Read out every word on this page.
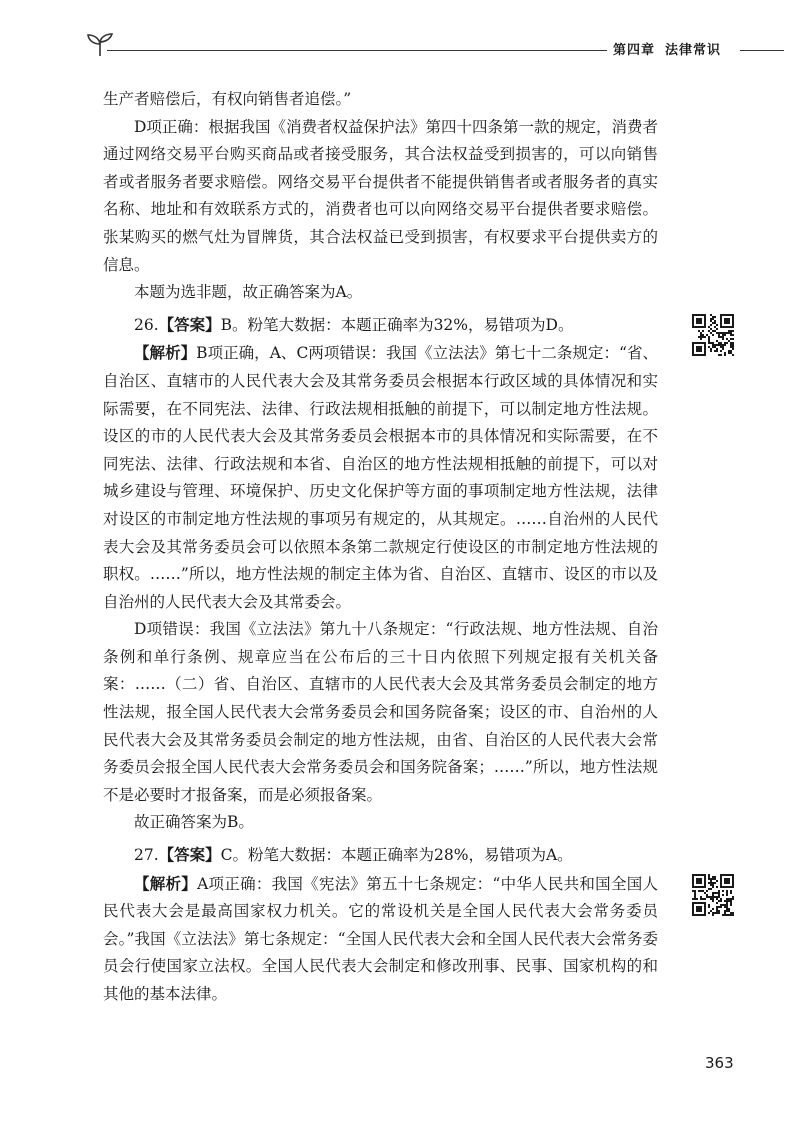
第四章 法律常识

生产者赔偿后，有权向销售者追偿。”

D项正确：根据我国《消费者权益保护法》第四十四条第一款的规定，消费者通过网络交易平台购买商品或者接受服务，其合法权益受到损害的，可以向销售者或者服务者要求赔偿。网络交易平台提供者不能提供销售者或者服务者的真实名称、地址和有效联系方式的，消费者也可以向网络交易平台提供者要求赔偿。张某购买的燃气灶为冒牌货，其合法权益已受到损害，有权要求平台提供卖方的信息。

本题为选非题，故正确答案为A。

26.【答案】B。粉笔大数据：本题正确率为32%，易错项为D。

【解析】B项正确，A、C两项错误：我国《立法法》第七十二条规定：“省、自治区、直辖市的人民代表大会及其常务委员会根据本行政区域的具体情况和实际需要，在不同宪法、法律、行政法规相抵触的前提下，可以制定地方性法规。设区的市的人民代表大会及其常务委员会根据本市的具体情况和实际需要，在不同宪法、法律、行政法规和本省、自治区的地方性法规相抵触的前提下，可以对城乡建设与管理、环境保护、历史文化保护等方面的事项制定地方性法规，法律对设区的市制定地方性法规的事项另有规定的，从其规定。……自治州的人民代表大会及其常务委员会可以依照本条第二款规定行使设区的市制定地方性法规的职权。……”所以，地方性法规的制定主体为省、自治区、直辖市、设区的市以及自治州的人民代表大会及其常委会。

D项错误：我国《立法法》第九十八条规定：“行政法规、地方性法规、自治条例和单行条例、规章应当在公布后的三十日内依照下列规定报有关机关备案：……（二）省、自治区、直辖市的人民代表大会及其常务委员会制定的地方性法规，报全国人民代表大会常务委员会和国务院备案；设区的市、自治州的人民代表大会及其常务委员会制定的地方性法规，由省、自治区的人民代表大会常务委员会报全国人民代表大会常务委员会和国务院备案；……”所以，地方性法规不是必要时才报备案，而是必须报备案。

故正确答案为B。

27.【答案】C。粉笔大数据：本题正确率为28%，易错项为A。

【解析】A项正确：我国《宪法》第五十七条规定：“中华人民共和国全国人民代表大会是最高国家权力机关。它的常设机关是全国人民代表大会常务委员会。”我国《立法法》第七条规定：“全国人民代表大会和全国人民代表大会常务委员会行使国家立法权。全国人民代表大会制定和修改刑事、民事、国家机构的和其他的基本法律。

363
